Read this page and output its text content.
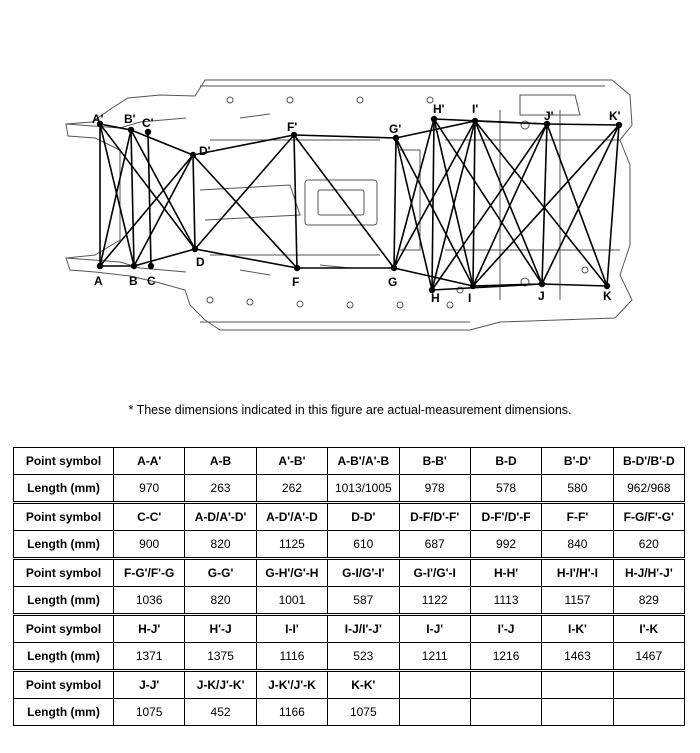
A'
A
B'
B
C'
C
D'
D
F'
F
G'
G
H'
H
I'
I
J'
J
K'
K
* These dimensions indicated in this figure are actual-measurement dimensions.
Point symbol	A-A'	A-B	A'-B'	A-B'/A'-B	B-B'	B-D	B'-D'	B-D'/B'-D
Length (mm)	970	263	262	1013/1005	978	578	580	962/968
Point symbol	C-C'	A-D/A'-D'	A-D'/A'-D	D-D'	D-F/D'-F'	D-F'/D'-F	F-F'	F-G/F'-G'
Length (mm)	900	820	1125	610	687	992	840	620
Point symbol	F-G'/F'-G	G-G'	G-H'/G'-H	G-I/G'-I'	G-I'/G'-I	H-H'	H-I'/H'-I	H-J/H'-J'
Length (mm)	1036	820	1001	587	1122	1113	1157	829
Point symbol	H-J'	H'-J	I-I'	I-J/I'-J'	I-J'	I'-J	I-K'	I'-K
Length (mm)	1371	1375	1116	523	1211	1216	1463	1467
Point symbol	J-J'	J-K/J'-K'	J-K'/J'-K	K-K'				
Length (mm)	1075	452	1166	1075				
